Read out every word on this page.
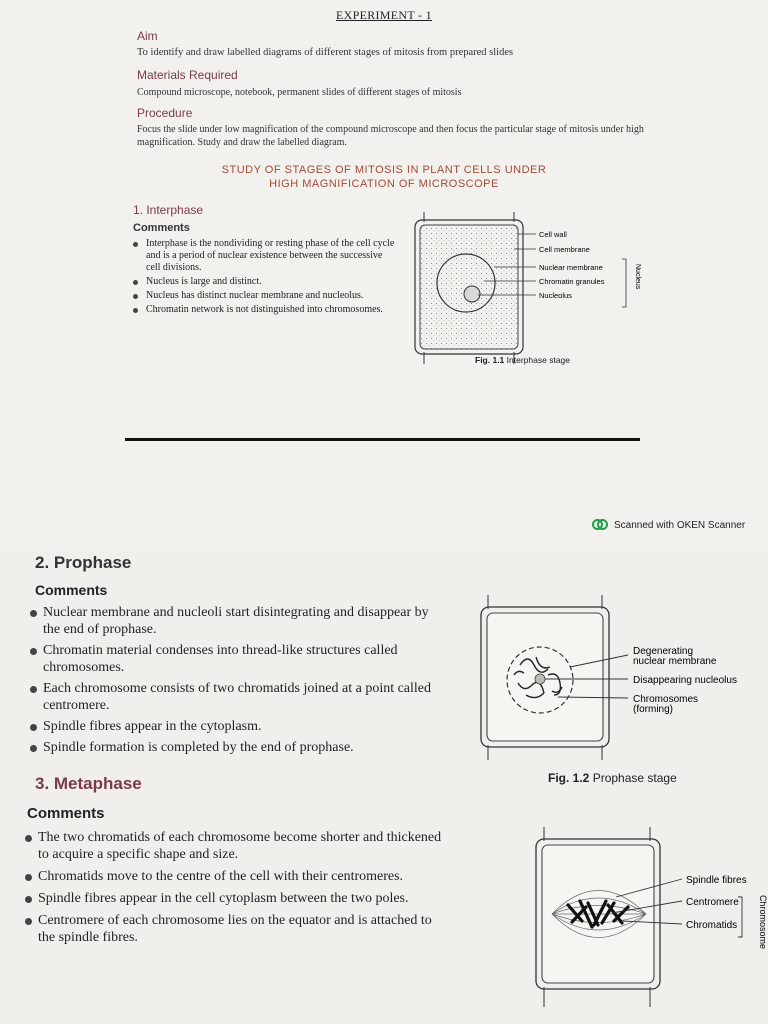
EXPERIMENT - 1
Aim
To identify and draw labelled diagrams of different stages of mitosis from prepared slides
Materials Required
Compound microscope, notebook, permanent slides of different stages of mitosis
Procedure
Focus the slide under low magnification of the compound microscope and then focus the particular stage of mitosis under high magnification. Study and draw the labelled diagram.
STUDY OF STAGES OF MITOSIS IN PLANT CELLS UNDER
HIGH MAGNIFICATION OF MICROSCOPE
1. Interphase
Comments
Interphase is the nondividing or resting phase of the cell cycle and is a period of nuclear existence between the successive cell divisions.
Nucleus is large and distinct.
Nucleus has distinct nuclear membrane and nucleolus.
Chromatin network is not distinguished into chromosomes.
Cell wall
Cell membrane
Nuclear membrane
Chromatin granules
Nucleolus
Nucleus
Fig. 1.1 Interphase stage
Scanned with OKEN Scanner
2. Prophase
Comments
Nuclear membrane and nucleoli start disintegrating and disappear by the end of prophase.
Chromatin material condenses into thread-like structures called chromosomes.
Each chromosome consists of two chromatids joined at a point called centromere.
Spindle fibres appear in the cytoplasm.
Spindle formation is completed by the end of prophase.
Degenerating
nuclear membrane
Disappearing nucleolus
Chromosomes
(forming)
Fig. 1.2 Prophase stage
3. Metaphase
Comments
The two chromatids of each chromosome become shorter and thickened to acquire a specific shape and size.
Chromatids move to the centre of the cell with their centromeres.
Spindle fibres appear in the cell cytoplasm between the two poles.
Centromere of each chromosome lies on the equator and is attached to the spindle fibres.
Spindle fibres
Centromere
Chromatids Chromosome
